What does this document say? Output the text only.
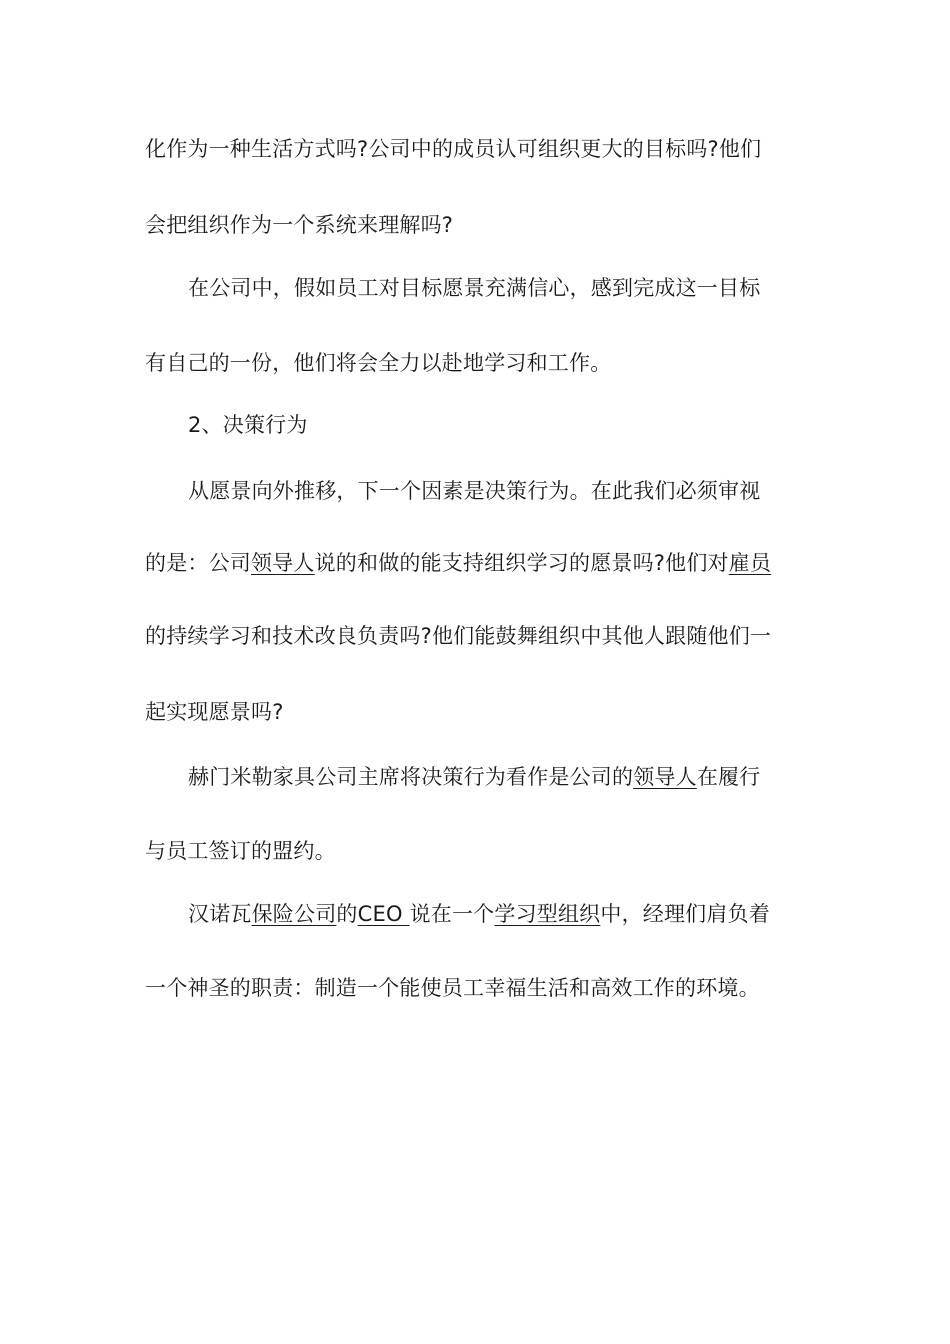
化作为一种生活方式吗?公司中的成员认可组织更大的目标吗?他们
会把组织作为一个系统来理解吗?
在公司中，假如员工对目标愿景充满信心，感到完成这一目标
有自己的一份，他们将会全力以赴地学习和工作。
2、决策行为
从愿景向外推移，下一个因素是决策行为。在此我们必须审视
的是：公司领导人说的和做的能支持组织学习的愿景吗?他们对雇员
的持续学习和技术改良负责吗?他们能鼓舞组织中其他人跟随他们一
起实现愿景吗?
赫门米勒家具公司主席将决策行为看作是公司的领导人在履行
与员工签订的盟约。
汉诺瓦保险公司的CEO 说在一个学习型组织中，经理们肩负着
一个神圣的职责：制造一个能使员工幸福生活和高效工作的环境。
